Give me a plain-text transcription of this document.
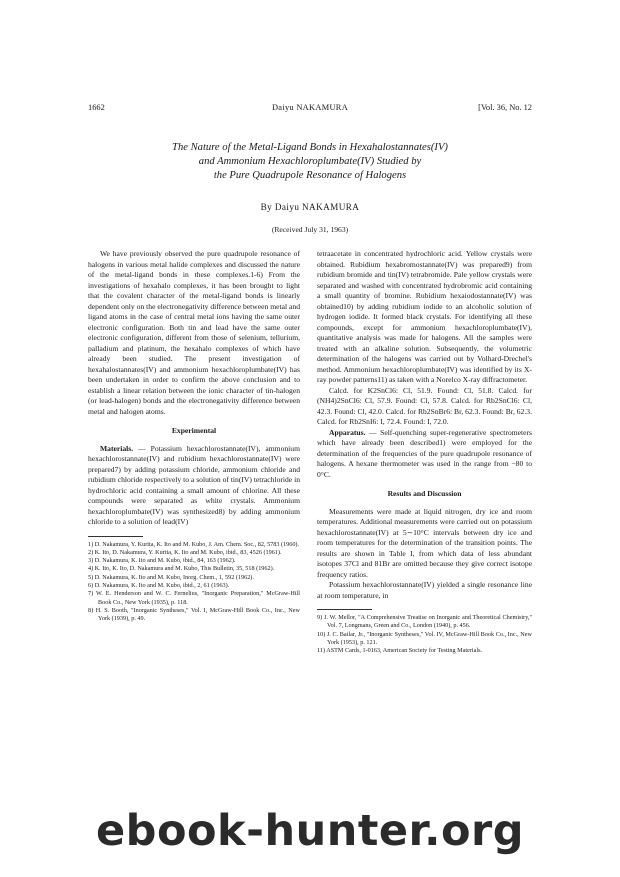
1662	Daiyu NAKAMURA	[Vol. 36, No. 12
The Nature of the Metal-Ligand Bonds in Hexahalostannates(IV)
and Ammonium Hexachloroplumbate(IV) Studied by
the Pure Quadrupole Resonance of Halogens
By Daiyu NAKAMURA
(Received July 31, 1963)

We have previously observed the pure quadrupole resonance of halogens in various metal halide complexes and discussed the nature of the metal-ligand bonds in these complexes.1-6) From the investigations of hexahalo complexes, it has been brought to light that the covalent character of the metal-ligand bonds is linearly dependent only on the electronegativity difference between metal and ligand atoms in the case of central metal ions having the same outer electronic configuration. Both tin and lead have the same outer electronic configuration, different from those of selenium, tellurium, palladium and platinum, the hexahalo complexes of which have already been studied. The present investigation of hexahalostannates(IV) and ammonium hexachloroplumbate(IV) has been undertaken in order to confirm the above conclusion and to establish a linear relation between the ionic character of tin-halogen (or lead-halogen) bonds and the electronegativity difference between metal and halogen atoms.

Experimental

Materials. — Potassium hexachlorostannate(IV), ammonium hexachlorostannate(IV) and rubidium hexachlorostannate(IV) were prepared7) by adding potassium chloride, ammonium chloride and rubidium chloride respectively to a solution of tin(IV) tetrachloride in hydrochloric acid containing a small amount of chlorine. All these compounds were separated as white crystals. Ammonium hexachloroplumbate(IV) was synthesized8) by adding ammonium chloride to a solution of lead(IV)

1) D. Nakamura, Y. Kurita, K. Ito and M. Kubo, J. Am. Chem. Soc., 82, 5783 (1960).
2) K. Ito, D. Nakamura, Y. Kurita, K. Ito and M. Kubo, ibid., 83, 4526 (1961).
3) D. Nakamura, K. Ito and M. Kubo, ibid., 84, 163 (1962).
4) K. Ito, K. Ito, D. Nakamura and M. Kubo, This Bulletin, 35, 518 (1962).
5) D. Nakamura, K. Ito and M. Kubo, Inorg. Chem., 1, 592 (1962).
6) D. Nakamura, K. Ito and M. Kubo, ibid., 2, 61 (1963).
7) W. E. Henderson and W. C. Fernelius, "Inorganic Preparation," McGraw-Hill Book Co., New York (1935), p. 118.
8) H. S. Booth, "Inorganic Syntheses," Vol. I, McGraw-Hill Book Co., Inc., New York (1939), p. 49.

tetraacetate in concentrated hydrochloric acid. Yellow crystals were obtained. Rubidium hexabromostannate(IV) was prepared9) from rubidium bromide and tin(IV) tetrabromide. Pale yellow crystals were separated and washed with concentrated hydrobromic acid containing a small quantity of bromine. Rubidium hexaiodostannate(IV) was obtained10) by adding rubidium iodide to an alcoholic solution of hydrogen iodide. It formed black crystals. For identifying all these compounds, except for ammonium hexachloroplumbate(IV), quantitative analysis was made for halogens. All the samples were treated with an alkaline solution. Subsequently, the volumetric determination of the halogens was carried out by Volhard-Drechel's method. Ammonium hexachloroplumbate(IV) was identified by its X-ray powder patterns11) as taken with a Norelco X-ray diffractometer.

Calcd. for K2SnCl6: Cl, 51.9. Found: Cl, 51.8. Calcd. for (NH4)2SnCl6: Cl, 57.9. Found: Cl, 57.8. Calcd. for Rb2SnCl6: Cl, 42.3. Found: Cl, 42.0. Calcd. for Rb2SnBr6: Br, 62.3. Found: Br, 62.3. Calcd. for Rb2SnI6: I, 72.4. Found: I, 72.0.

Apparatus. — Self-quenching super-regenerative spectrometers which have already been described1) were employed for the determination of the frequencies of the pure quadrupole resonance of halogens. A hexane thermometer was used in the range from −80 to 0°C.

Results and Discussion

Measurements were made at liquid nitrogen, dry ice and room temperatures. Additional measurements were carried out on potassium hexachlorostannate(IV) at 5∼10°C intervals between dry ice and room temperatures for the determination of the transition points. The results are shown in Table I, from which data of less abundant isotopes 37Cl and 81Br are omitted because they give correct isotope frequency ratios.

Potassium hexachlorostannate(IV) yielded a single resonance line at room temperature, in

9) J. W. Mellor, "A Comprehensive Treatise on Inorganic and Theoretical Chemistry," Vol. 7, Longmans, Green and Co., London (1940), p. 456.
10) J. C. Bailar, Jr., "Inorganic Syntheses," Vol. IV, McGraw-Hill Book Co., Inc., New York (1953), p. 121.
11) ASTM Cards, 1-0163, American Society for Testing Materials.
ebook-hunter.org
